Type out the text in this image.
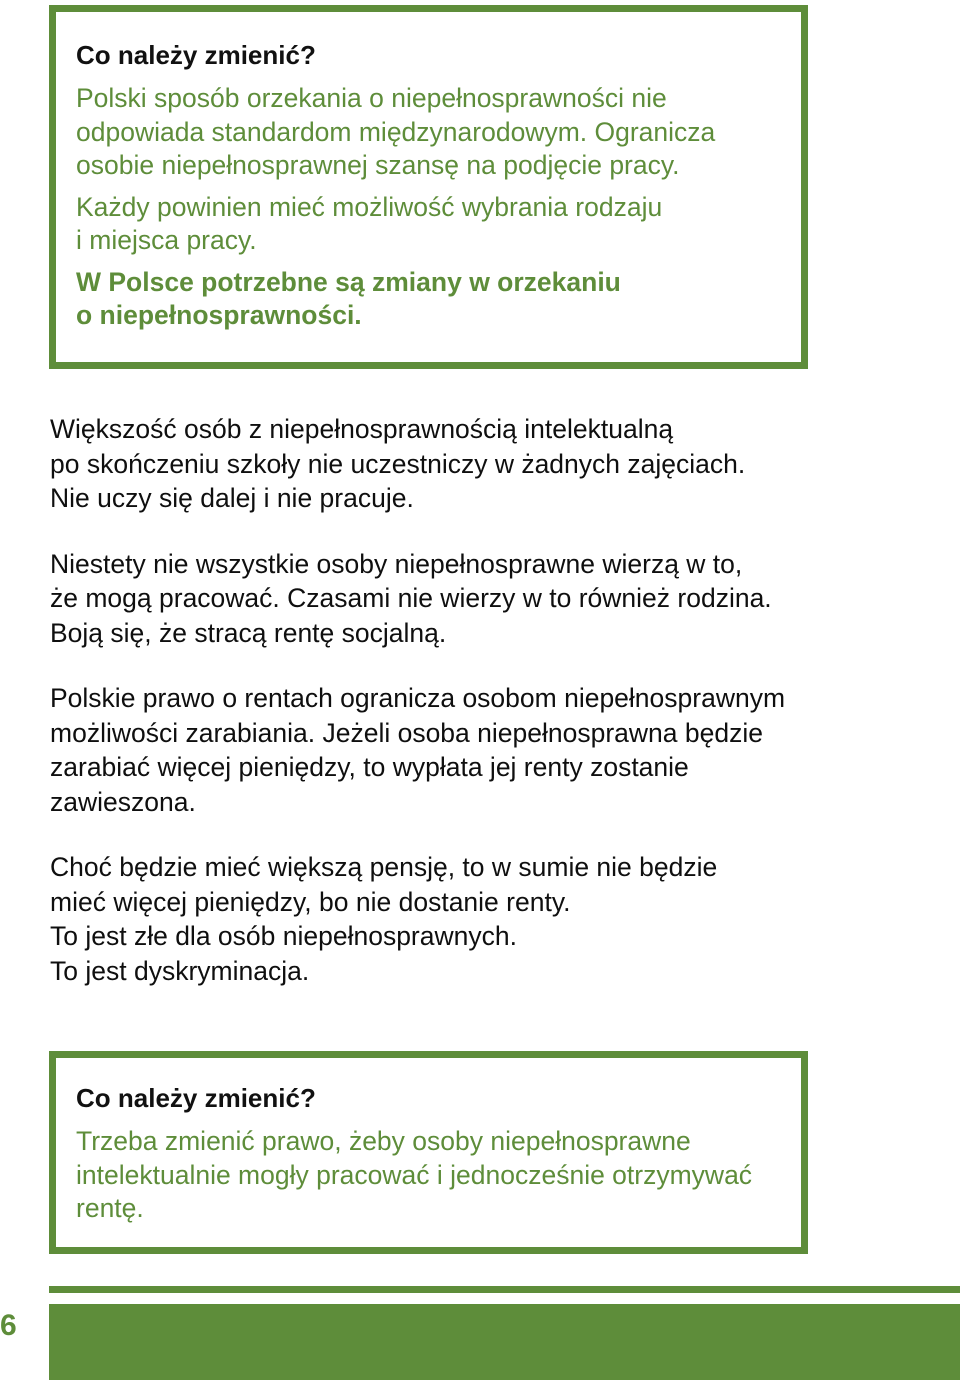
Co należy zmienić?

Polski sposób orzekania o niepełnosprawności nie
odpowiada standardom międzynarodowym. Ogranicza
osobie niepełnosprawnej szansę na podjęcie pracy.

Każdy powinien mieć możliwość wybrania rodzaju
i miejsca pracy.

W Polsce potrzebne są zmiany w orzekaniu
o niepełnosprawności.

Większość osób z niepełnosprawnością intelektualną
po skończeniu szkoły nie uczestniczy w żadnych zajęciach.
Nie uczy się dalej i nie pracuje.

Niestety nie wszystkie osoby niepełnosprawne wierzą w to,
że mogą pracować. Czasami nie wierzy w to również rodzina.
Boją się, że stracą rentę socjalną.

Polskie prawo o rentach ogranicza osobom niepełnosprawnym
możliwości zarabiania. Jeżeli osoba niepełnosprawna będzie
zarabiać więcej pieniędzy, to wypłata jej renty zostanie
zawieszona.

Choć będzie mieć większą pensję, to w sumie nie będzie
mieć więcej pieniędzy, bo nie dostanie renty.
To jest złe dla osób niepełnosprawnych.
To jest dyskryminacja.

Co należy zmienić?

Trzeba zmienić prawo, żeby osoby niepełnosprawne
intelektualnie mogły pracować i jednocześnie otrzymywać
rentę.

6
